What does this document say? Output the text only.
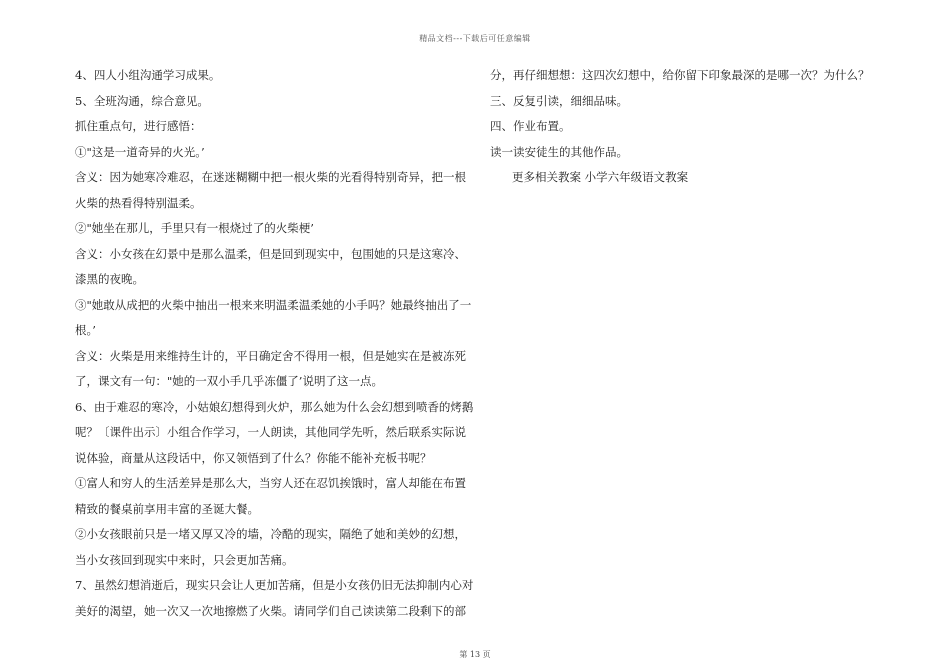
精品文档---下载后可任意编辑
4、四人小组沟通学习成果。
5、全班沟通，综合意见。
抓住重点句，进行感悟：
①"这是一道奇异的火光。’
含义：因为她寒冷难忍，在迷迷糊糊中把一根火柴的光看得特别奇异，把一根
火柴的热看得特别温柔。
②"她坐在那儿，手里只有一根烧过了的火柴梗’
含义：小女孩在幻景中是那么温柔，但是回到现实中，包围她的只是这寒冷、
漆黑的夜晚。
③"她敢从成把的火柴中抽出一根来来明温柔温柔她的小手吗？她最终抽出了一
根。’
含义：火柴是用来维持生计的，平日确定舍不得用一根，但是她实在是被冻死
了，课文有一句："她的一双小手几乎冻僵了’说明了这一点。
6、由于难忍的寒冷，小姑娘幻想得到火炉，那么她为什么会幻想到喷香的烤鹅
呢？〔课件出示〕小组合作学习，一人朗读，其他同学先听，然后联系实际说
说体验，商量从这段话中，你又领悟到了什么？你能不能补充板书呢？
①富人和穷人的生活差异是那么大，当穷人还在忍饥挨饿时，富人却能在布置
精致的餐桌前享用丰富的圣诞大餐。
②小女孩眼前只是一堵又厚又冷的墙，冷酷的现实，隔绝了她和美妙的幻想，
当小女孩回到现实中来时，只会更加苦痛。
7、虽然幻想消逝后，现实只会让人更加苦痛，但是小女孩仍旧无法抑制内心对
美好的渴望，她一次又一次地擦燃了火柴。请同学们自己读读第二段剩下的部
分，再仔细想想：这四次幻想中，给你留下印象最深的是哪一次？为什么？
三、反复引读，细细品味。
四、作业布置。
读一读安徒生的其他作品。
更多相关教案 小学六年级语文教案
第 13 页
